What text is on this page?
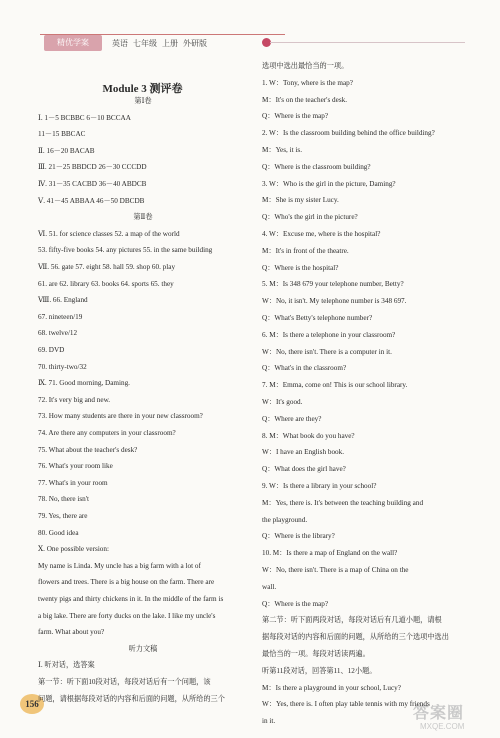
精优学案	英语 七年级 上册 外研版
Module 3 测评卷
156
答案圈
MXQE.COM
第Ⅰ卷
Ⅰ. 1－5 BCBBC 6－10 BCCAA
11－15 BBCAC
Ⅱ. 16－20 BACAB
Ⅲ. 21－25 BBDCD 26－30 CCCDD
Ⅳ. 31－35 CACBD 36－40 ABDCB
Ⅴ. 41－45 ABBAA 46－50 DBCDB
第Ⅱ卷
Ⅵ. 51. for science classes 52. a map of the world
53. fifty-five books 54. any pictures 55. in the same building
Ⅶ. 56. gate 57. eight 58. hall 59. shop 60. play
61. are 62. library 63. books 64. sports 65. they
Ⅷ. 66. England
67. nineteen/19
68. twelve/12
69. DVD
70. thirty-two/32
Ⅸ. 71. Good morning, Daming.
72. It's very big and new.
73. How many students are there in your new classroom?
74. Are there any computers in your classroom?
75. What about the teacher's desk?
76. What's your room like
77. What's in your room
78. No, there isn't
79. Yes, there are
80. Good idea
Ⅹ. One possible version:
My name is Linda. My uncle has a big farm with a lot of
flowers and trees. There is a big house on the farm. There are
twenty pigs and thirty chickens in it. In the middle of the farm is
a big lake. There are forty ducks on the lake. I like my uncle's
farm. What about you?
听力文稿
Ⅰ. 听对话，选答案
第一节：听下面10段对话，每段对话后有一个问题，该
问题，请根据每段对话的内容和后面的问题，从所给的三个
选项中选出最恰当的一项。
1. W：Tony, where is the map?
M：It's on the teacher's desk.
Q：Where is the map?
2. W：Is the classroom building behind the office building?
M：Yes, it is.
Q：Where is the classroom building?
3. W：Who is the girl in the picture, Daming?
M：She is my sister Lucy.
Q：Who's the girl in the picture?
4. W：Excuse me, where is the hospital?
M：It's in front of the theatre.
Q：Where is the hospital?
5. M：Is 348 679 your telephone number, Betty?
W：No, it isn't. My telephone number is 348 697.
Q：What's Betty's telephone number?
6. M：Is there a telephone in your classroom?
W：No, there isn't. There is a computer in it.
Q：What's in the classroom?
7. M：Emma, come on! This is our school library.
W：It's good.
Q：Where are they?
8. M：What book do you have?
W：I have an English book.
Q：What does the girl have?
9. W：Is there a library in your school?
M：Yes, there is. It's between the teaching building and
the playground.
Q：Where is the library?
10. M：Is there a map of England on the wall?
W：No, there isn't. There is a map of China on the
wall.
Q：Where is the map?
第二节：听下面两段对话，每段对话后有几道小题，请根
据每段对话的内容和后面的问题，从所给的三个选项中选出
最恰当的一项。每段对话读两遍。
听第11段对话，回答第11、12小题。
M：Is there a playground in your school, Lucy?
W：Yes, there is. I often play table tennis with my friends
in it.
